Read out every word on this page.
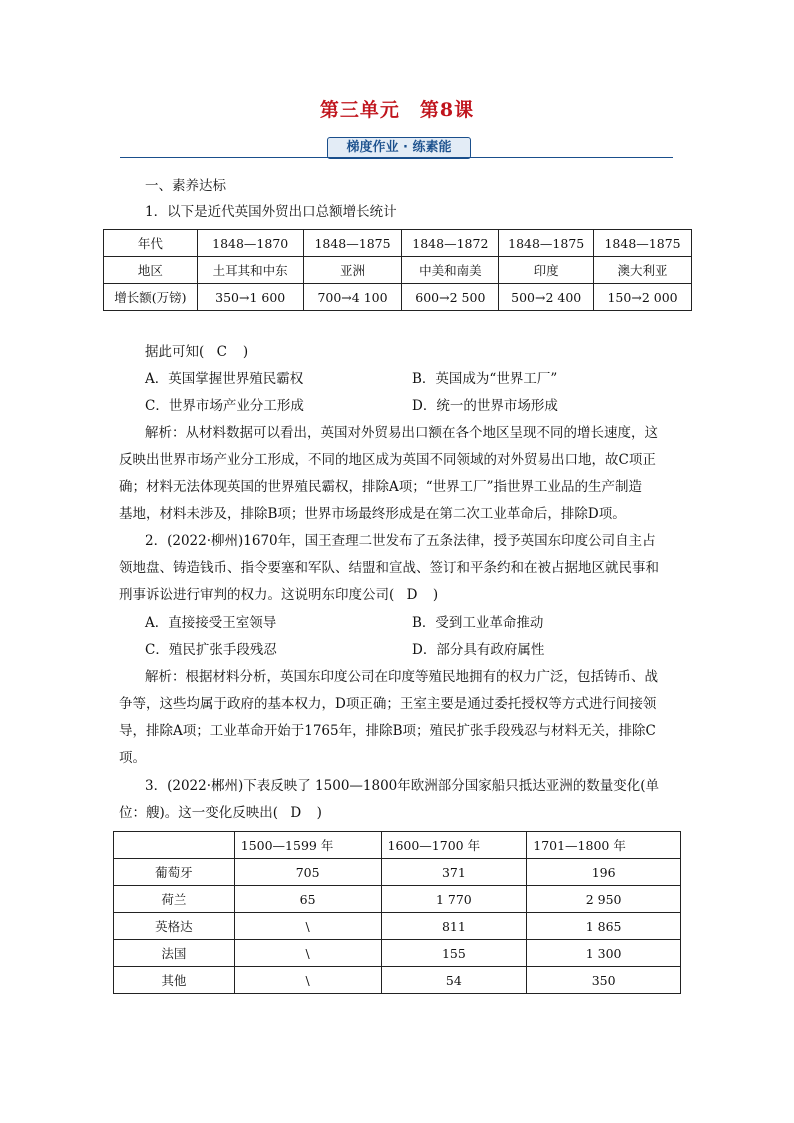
第三单元　第8课
梯度作业 · 练素能
一、素养达标
1．以下是近代英国外贸出口总额增长统计
年代	1848—1870	1848—1875	1848—1872	1848—1875	1848—1875
地区	土耳其和中东	亚洲	中美和南美	印度	澳大利亚
增长额(万镑)	350→1 600	700→4 100	600→2 500	500→2 400	150→2 000
据此可知( C )
A．英国掌握世界殖民霸权	B．英国成为“世界工厂”
C．世界市场产业分工形成	D．统一的世界市场形成
解析：从材料数据可以看出，英国对外贸易出口额在各个地区呈现不同的增长速度，这
反映出世界市场产业分工形成，不同的地区成为英国不同领域的对外贸易出口地，故C项正
确；材料无法体现英国的世界殖民霸权，排除A项；“世界工厂”指世界工业品的生产制造
基地，材料未涉及，排除B项；世界市场最终形成是在第二次工业革命后，排除D项。
2．(2022·柳州)1670年，国王查理二世发布了五条法律，授予英国东印度公司自主占
领地盘、铸造钱币、指令要塞和军队、结盟和宣战、签订和平条约和在被占据地区就民事和
刑事诉讼进行审判的权力。这说明东印度公司( D )
A．直接接受王室领导	B．受到工业革命推动
C．殖民扩张手段残忍	D．部分具有政府属性
解析：根据材料分析，英国东印度公司在印度等殖民地拥有的权力广泛，包括铸币、战
争等，这些均属于政府的基本权力，D项正确；王室主要是通过委托授权等方式进行间接领
导，排除A项；工业革命开始于1765年，排除B项；殖民扩张手段残忍与材料无关，排除C
项。
3．(2022·郴州)下表反映了 1500—1800年欧洲部分国家船只抵达亚洲的数量变化(单
位：艘)。这一变化反映出( D )
	1500—1599 年	1600—1700 年	1701—1800 年
葡萄牙	705	371	196
荷兰	65	1 770	2 950
英格达	\	811	1 865
法国	\	155	1 300
其他	\	54	350
